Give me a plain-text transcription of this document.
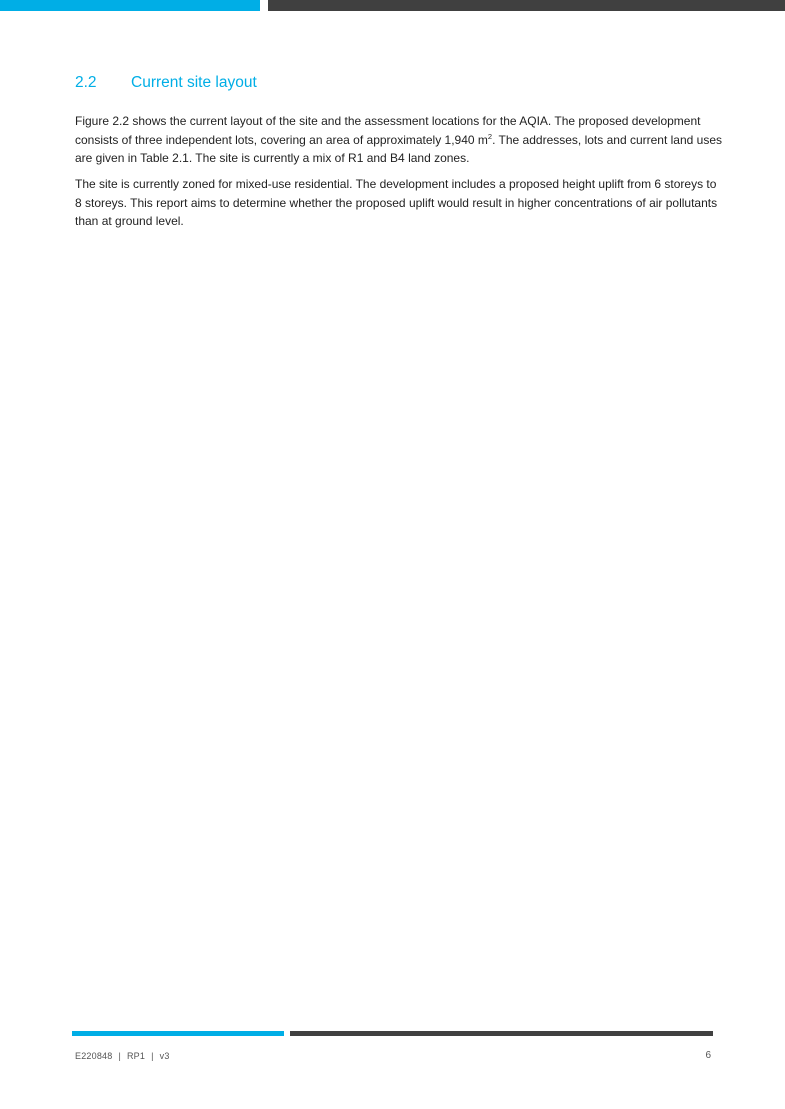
2.2 Current site layout

Figure 2.2 shows the current layout of the site and the assessment locations for the AQIA. The proposed development consists of three independent lots, covering an area of approximately 1,940 $m^2$. The addresses, lots and current land uses are given in Table 2.1. The site is currently a mix of R1 and B4 land zones.

The site is currently zoned for mixed-use residential. The development includes a proposed height uplift from 6 storeys to 8 storeys. This report aims to determine whether the proposed uplift would result in higher concentrations of air pollutants than at ground level.

E220848 | RP1 | v3	6
